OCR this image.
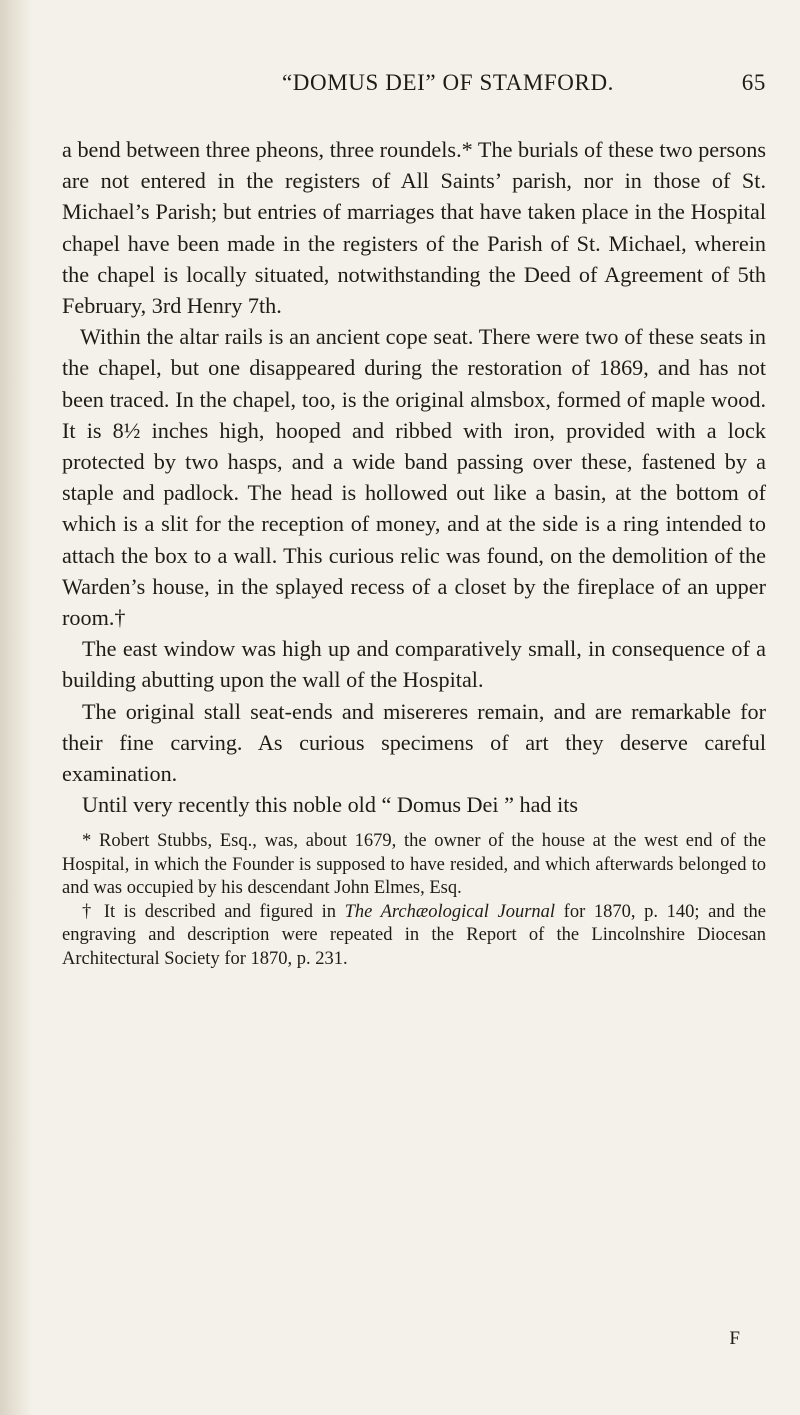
“DOMUS DEI” OF STAMFORD.	65

a bend between three pheons, three roundels.* The burials of these two persons are not entered in the registers of All Saints’ parish, nor in those of St. Michael’s Parish; but entries of marriages that have taken place in the Hospital chapel have been made in the registers of the Parish of St. Michael, wherein the chapel is locally situated, notwithstanding the Deed of Agreement of 5th February, 3rd Henry 7th.

Within the altar rails is an ancient cope seat. There were two of these seats in the chapel, but one disappeared during the restoration of 1869, and has not been traced. In the chapel, too, is the original almsbox, formed of maple wood. It is 8½ inches high, hooped and ribbed with iron, provided with a lock protected by two hasps, and a wide band passing over these, fastened by a staple and padlock. The head is hollowed out like a basin, at the bottom of which is a slit for the reception of money, and at the side is a ring intended to attach the box to a wall. This curious relic was found, on the demolition of the Warden’s house, in the splayed recess of a closet by the fireplace of an upper room.†

The east window was high up and comparatively small, in consequence of a building abutting upon the wall of the Hospital.

The original stall seat-ends and misereres remain, and are remarkable for their fine carving. As curious specimens of art they deserve careful examination.

Until very recently this noble old “ Domus Dei ” had its

* Robert Stubbs, Esq., was, about 1679, the owner of the house at the west end of the Hospital, in which the Founder is supposed to have resided, and which afterwards belonged to and was occupied by his descendant John Elmes, Esq.

† It is described and figured in The Archæological Journal for 1870, p. 140; and the engraving and description were repeated in the Report of the Lincolnshire Diocesan Architectural Society for 1870, p. 231.

F
